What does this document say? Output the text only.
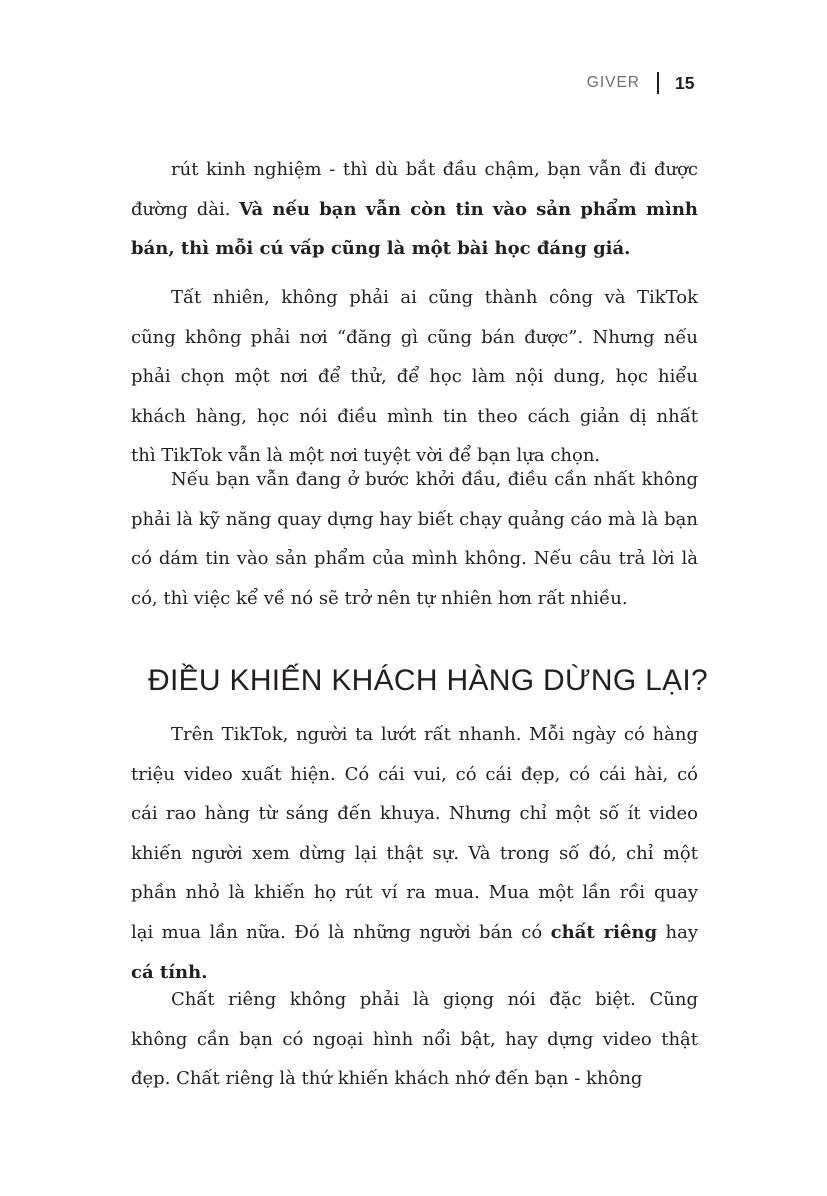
GIVER 15

rút kinh nghiệm - thì dù bắt đầu chậm, bạn vẫn đi được
đường dài. Và nếu bạn vẫn còn tin vào sản phẩm mình
bán, thì mỗi cú vấp cũng là một bài học đáng giá.

Tất nhiên, không phải ai cũng thành công và TikTok
cũng không phải nơi “đăng gì cũng bán được”. Nhưng nếu
phải chọn một nơi để thử, để học làm nội dung, học hiểu
khách hàng, học nói điều mình tin theo cách giản dị nhất
thì TikTok vẫn là một nơi tuyệt vời để bạn lựa chọn.

Nếu bạn vẫn đang ở bước khởi đầu, điều cần nhất không
phải là kỹ năng quay dựng hay biết chạy quảng cáo mà là bạn
có dám tin vào sản phẩm của mình không. Nếu câu trả lời là
có, thì việc kể về nó sẽ trở nên tự nhiên hơn rất nhiều.

ĐIỀU KHIẾN KHÁCH HÀNG DỪNG LẠI?

Trên TikTok, người ta lướt rất nhanh. Mỗi ngày có hàng
triệu video xuất hiện. Có cái vui, có cái đẹp, có cái hài, có
cái rao hàng từ sáng đến khuya. Nhưng chỉ một số ít video
khiến người xem dừng lại thật sự. Và trong số đó, chỉ một
phần nhỏ là khiến họ rút ví ra mua. Mua một lần rồi quay
lại mua lần nữa. Đó là những người bán có chất riêng hay
cá tính.

Chất riêng không phải là giọng nói đặc biệt. Cũng
không cần bạn có ngoại hình nổi bật, hay dựng video thật
đẹp. Chất riêng là thứ khiến khách nhớ đến bạn - không
